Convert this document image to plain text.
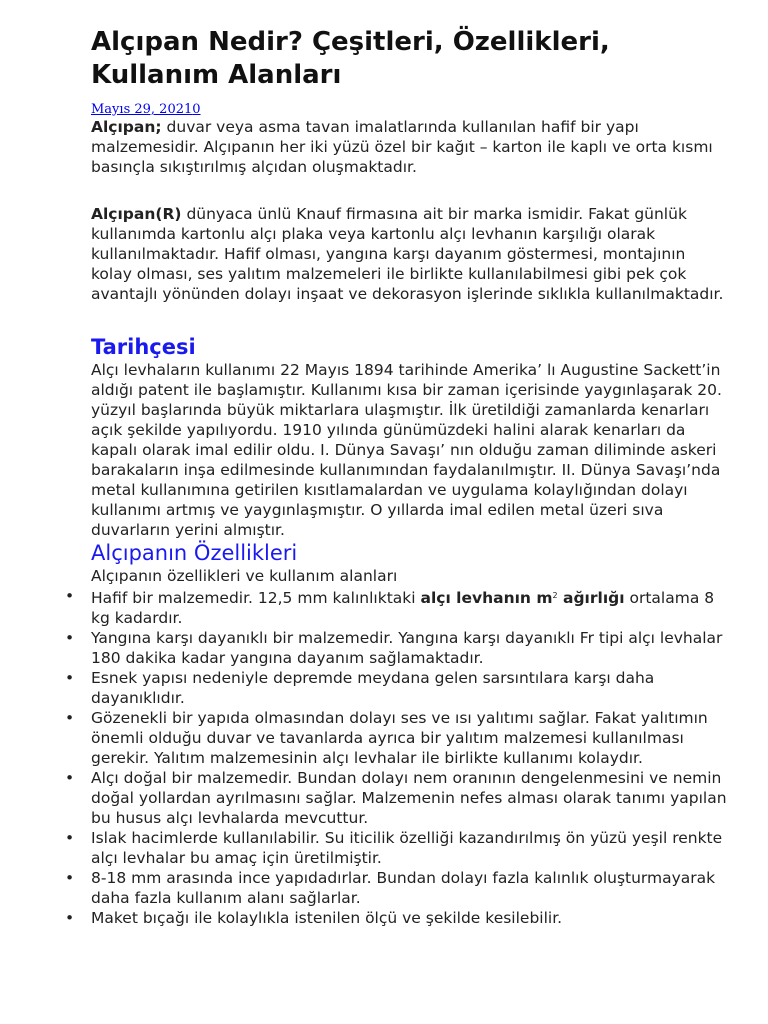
Alçıpan Nedir? Çeşitleri, Özellikleri, Kullanım Alanları
Mayıs 29, 20210

Alçıpan; duvar veya asma tavan imalatlarında kullanılan hafif bir yapı malzemesidir. Alçıpanın her iki yüzü özel bir kağıt – karton ile kaplı ve orta kısmı basınçla sıkıştırılmış alçıdan oluşmaktadır.

Alçıpan(R) dünyaca ünlü Knauf firmasına ait bir marka ismidir. Fakat günlük kullanımda kartonlu alçı plaka veya kartonlu alçı levhanın karşılığı olarak kullanılmaktadır. Hafif olması, yangına karşı dayanım göstermesi, montajının kolay olması, ses yalıtım malzemeleri ile birlikte kullanılabilmesi gibi pek çok avantajlı yönünden dolayı inşaat ve dekorasyon işlerinde sıklıkla kullanılmaktadır.

Tarihçesi

Alçı levhaların kullanımı 22 Mayıs 1894 tarihinde Amerika’ lı Augustine Sackett’in aldığı patent ile başlamıştır. Kullanımı kısa bir zaman içerisinde yaygınlaşarak 20. yüzyıl başlarında büyük miktarlara ulaşmıştır. İlk üretildiği zamanlarda kenarları açık şekilde yapılıyordu. 1910 yılında günümüzdeki halini alarak kenarları da kapalı olarak imal edilir oldu. I. Dünya Savaşı’ nın olduğu zaman diliminde askeri barakaların inşa edilmesinde kullanımından faydalanılmıştır. II. Dünya Savaşı’nda metal kullanımına getirilen kısıtlamalardan ve uygulama kolaylığından dolayı kullanımı artmış ve yaygınlaşmıştır. O yıllarda imal edilen metal üzeri sıva duvarların yerini almıştır.

Alçıpanın Özellikleri

Alçıpanın özellikleri ve kullanım alanları

• Hafif bir malzemedir. 12,5 mm kalınlıktaki alçı levhanın $m^2$ ağırlığı ortalama 8 kg kadardır.
• Yangına karşı dayanıklı bir malzemedir. Yangına karşı dayanıklı Fr tipi alçı levhalar 180 dakika kadar yangına dayanım sağlamaktadır.
• Esnek yapısı nedeniyle depremde meydana gelen sarsıntılara karşı daha dayanıklıdır.
• Gözenekli bir yapıda olmasından dolayı ses ve ısı yalıtımı sağlar. Fakat yalıtımın önemli olduğu duvar ve tavanlarda ayrıca bir yalıtım malzemesi kullanılması gerekir. Yalıtım malzemesinin alçı levhalar ile birlikte kullanımı kolaydır.
• Alçı doğal bir malzemedir. Bundan dolayı nem oranının dengelenmesini ve nemin doğal yollardan ayrılmasını sağlar. Malzemenin nefes alması olarak tanımı yapılan bu husus alçı levhalarda mevcuttur.
• Islak hacimlerde kullanılabilir. Su iticilik özelliği kazandırılmış ön yüzü yeşil renkte alçı levhalar bu amaç için üretilmiştir.
• 8-18 mm arasında ince yapıdadırlar. Bundan dolayı fazla kalınlık oluşturmayarak daha fazla kullanım alanı sağlarlar.
• Maket bıçağı ile kolaylıkla istenilen ölçü ve şekilde kesilebilir.
